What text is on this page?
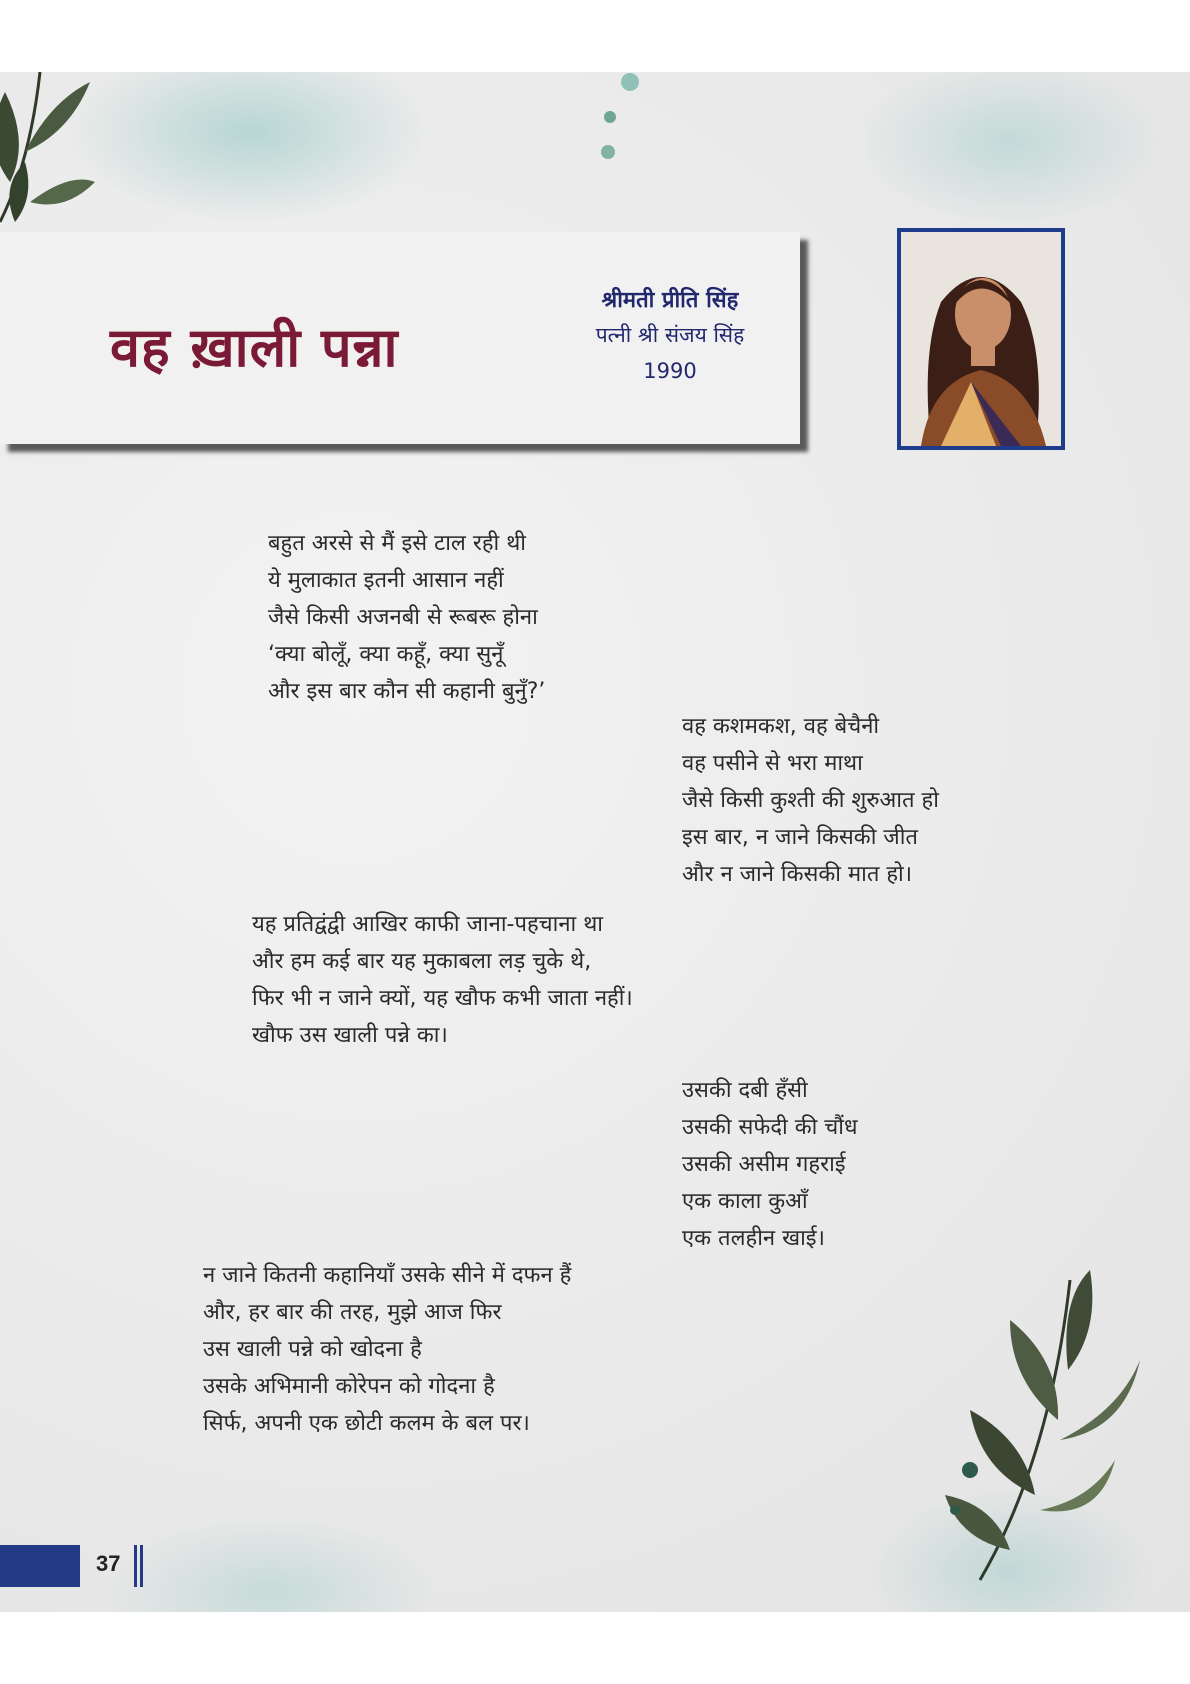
वह ख़ाली पन्ना
श्रीमती प्रीति सिंह
पत्नी श्री संजय सिंह
1990
बहुत अरसे से मैं इसे टाल रही थी
ये मुलाकात इतनी आसान नहीं
जैसे किसी अजनबी से रूबरू होना
‘क्या बोलूँ, क्या कहूँ, क्या सुनूँ
और इस बार कौन सी कहानी बुनुँ?’
वह कशमकश, वह बेचैनी
वह पसीने से भरा माथा
जैसे किसी कुश्ती की शुरुआत हो
इस बार, न जाने किसकी जीत
और न जाने किसकी मात हो।
यह प्रतिद्वंद्वी आखिर काफी जाना-पहचाना था
और हम कई बार यह मुकाबला लड़ चुके थे,
फिर भी न जाने क्यों, यह खौफ कभी जाता नहीं।
खौफ उस खाली पन्ने का।
उसकी दबी हँसी
उसकी सफेदी की चौंध
उसकी असीम गहराई
एक काला कुआँ
एक तलहीन खाई।
न जाने कितनी कहानियाँ उसके सीने में दफन हैं
और, हर बार की तरह, मुझे आज फिर
उस खाली पन्ने को खोदना है
उसके अभिमानी कोरेपन को गोदना है
सिर्फ, अपनी एक छोटी कलम के बल पर।
37
